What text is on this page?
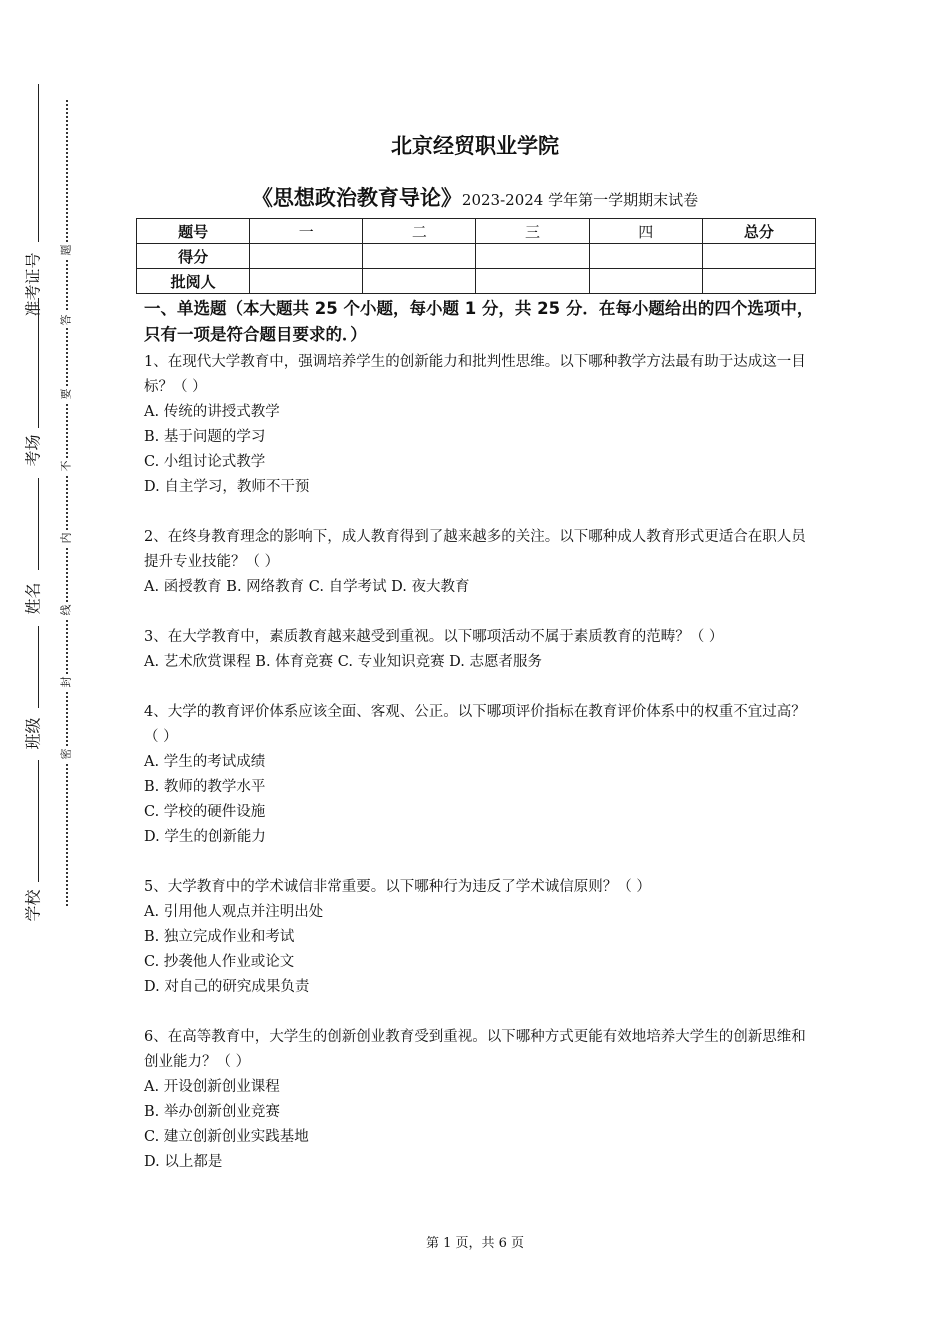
准考证号
考场
姓名
班级
学校
题
答
要
不
内
线
封
密
北京经贸职业学院
《思想政治教育导论》2023-2024 学年第一学期期末试卷
题号	一	二	三	四	总分
得分					
批阅人					
一、单选题（本大题共 25 个小题，每小题 1 分，共 25 分．在每小题给出的四个选项中，只有一项是符合题目要求的．）

1、在现代大学教育中，强调培养学生的创新能力和批判性思维。以下哪种教学方法最有助于达成这一目标？（ ）

A. 传统的讲授式教学

B. 基于问题的学习

C. 小组讨论式教学

D. 自主学习，教师不干预

2、在终身教育理念的影响下，成人教育得到了越来越多的关注。以下哪种成人教育形式更适合在职人员提升专业技能？（ ）

A. 函授教育 B. 网络教育 C. 自学考试 D. 夜大教育

3、在大学教育中，素质教育越来越受到重视。以下哪项活动不属于素质教育的范畴？（ ）

A. 艺术欣赏课程 B. 体育竞赛 C. 专业知识竞赛 D. 志愿者服务

4、大学的教育评价体系应该全面、客观、公正。以下哪项评价指标在教育评价体系中的权重不宜过高？（ ）

A. 学生的考试成绩

B. 教师的教学水平

C. 学校的硬件设施

D. 学生的创新能力

5、大学教育中的学术诚信非常重要。以下哪种行为违反了学术诚信原则？（ ）

A. 引用他人观点并注明出处

B. 独立完成作业和考试

C. 抄袭他人作业或论文

D. 对自己的研究成果负责

6、在高等教育中，大学生的创新创业教育受到重视。以下哪种方式更能有效地培养大学生的创新思维和创业能力？（ ）

A. 开设创新创业课程

B. 举办创新创业竞赛

C. 建立创新创业实践基地

D. 以上都是

第 1 页，共 6 页
